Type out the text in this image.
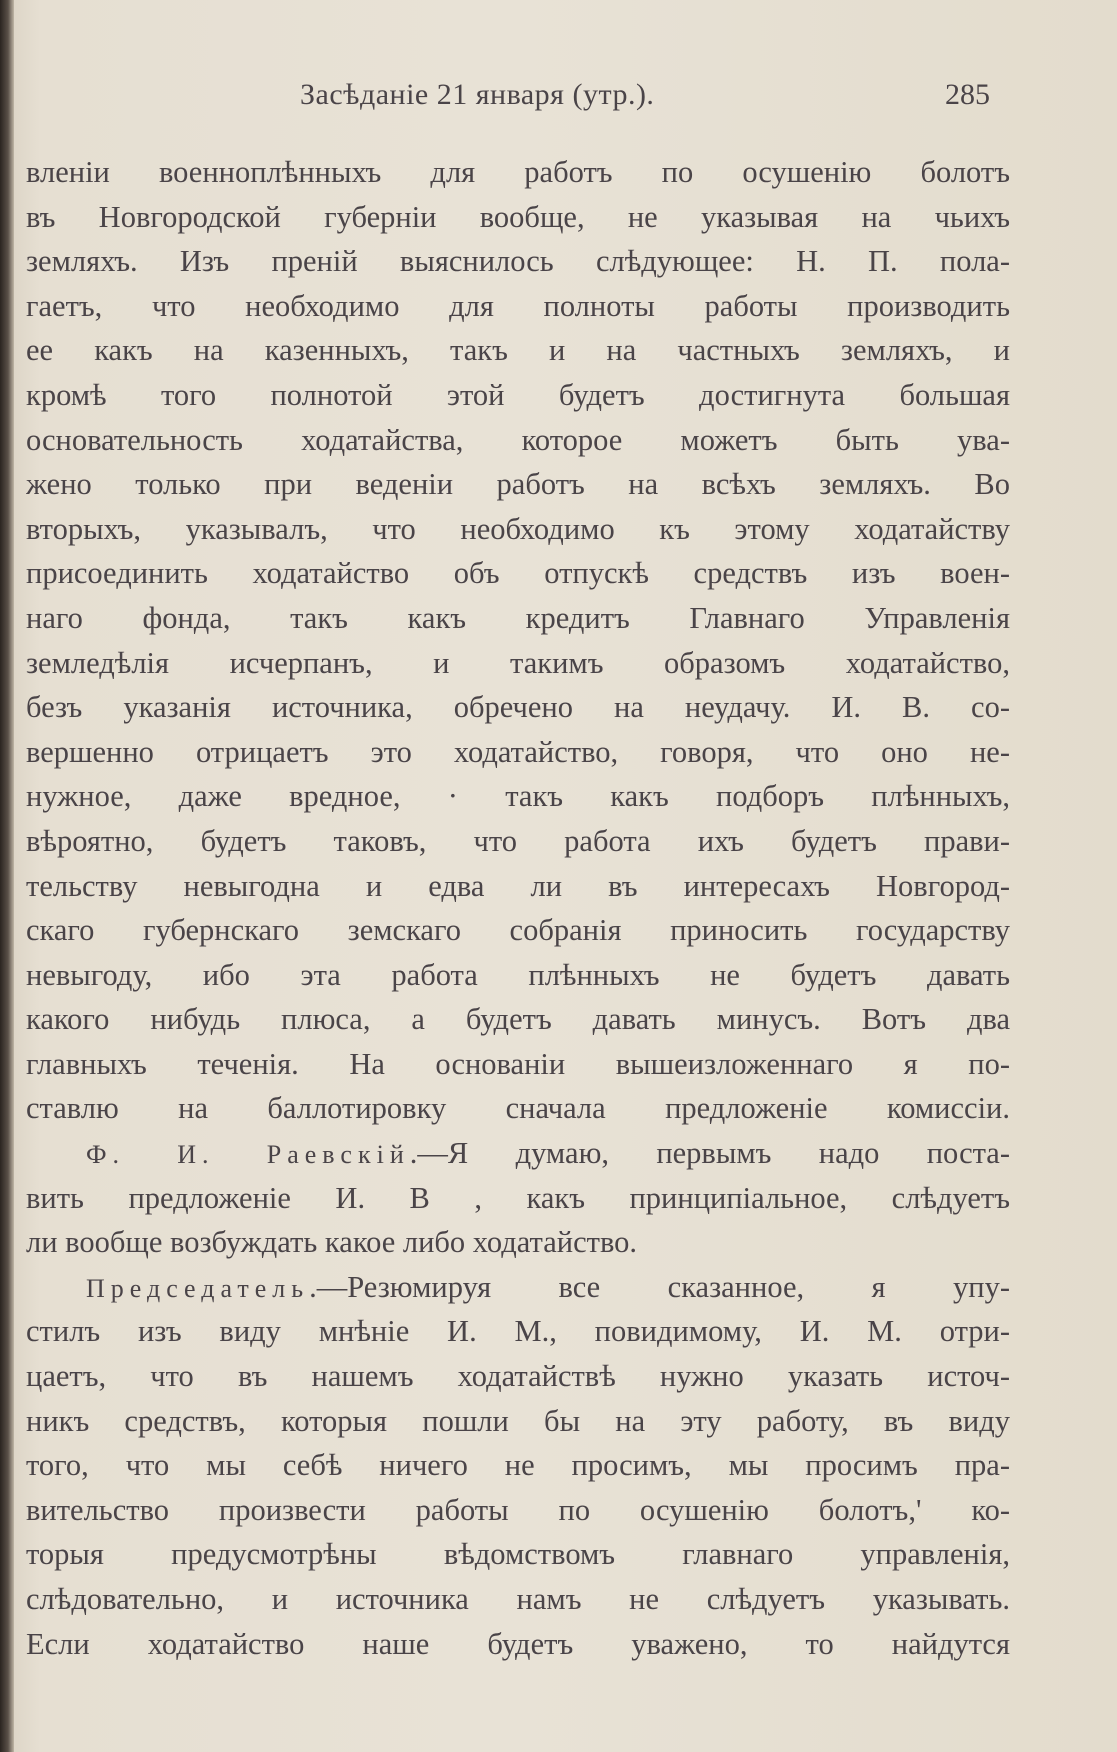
Засѣданіе 21 января (утр.).	285
вленіи военноплѣнныхъ для работъ по осушенію болотъ
въ Новгородской губерніи вообще, не указывая на чьихъ
земляхъ. Изъ преній выяснилось слѣдующее: Н. П. пола-
гаетъ, что необходимо для полноты работы производить
ее какъ на казенныхъ, такъ и на частныхъ земляхъ, и
кромѣ того полнотой этой будетъ достигнута большая
основательность ходатайства, которое можетъ быть ува-
жено только при веденіи работъ на всѣхъ земляхъ. Во
вторыхъ, указывалъ, что необходимо къ этому ходатайству
присоединить ходатайство объ отпускѣ средствъ изъ воен-
наго фонда, такъ какъ кредитъ Главнаго Управленія
земледѣлія исчерпанъ, и такимъ образомъ ходатайство,
безъ указанія источника, обречено на неудачу. И. В. со-
вершенно отрицаетъ это ходатайство, говоря, что оно не-
нужное, даже вредное, · такъ какъ подборъ плѣнныхъ,
вѣроятно, будетъ таковъ, что работа ихъ будетъ прави-
тельству невыгодна и едва ли въ интересахъ Новгород-
скаго губернскаго земскаго собранія приносить государству
невыгоду, ибо эта работа плѣнныхъ не будетъ давать
какого нибудь плюса, а будетъ давать минусъ. Вотъ два
главныхъ теченія. На основаніи вышеизложеннаго я по-
ставлю на баллотировку сначала предложеніе комиссіи.
Ф. И. Раевскій.—Я думаю, первымъ надо поста-
вить предложеніе И. В , какъ принципіальное, слѣдуетъ
ли вообще возбуждать какое либо ходатайство.
Председатель.—Резюмируя все сказанное, я упу-
стилъ изъ виду мнѣніе И. М., повидимому, И. М. отри-
цаетъ, что въ нашемъ ходатайствѣ нужно указать источ-
никъ средствъ, которыя пошли бы на эту работу, въ виду
того, что мы себѣ ничего не просимъ, мы просимъ пра-
вительство произвести работы по осушенію болотъ,' ко-
торыя предусмотрѣны вѣдомствомъ главнаго управленія,
слѣдовательно, и источника намъ не слѣдуетъ указывать.
Если ходатайство наше будетъ уважено, то найдутся
